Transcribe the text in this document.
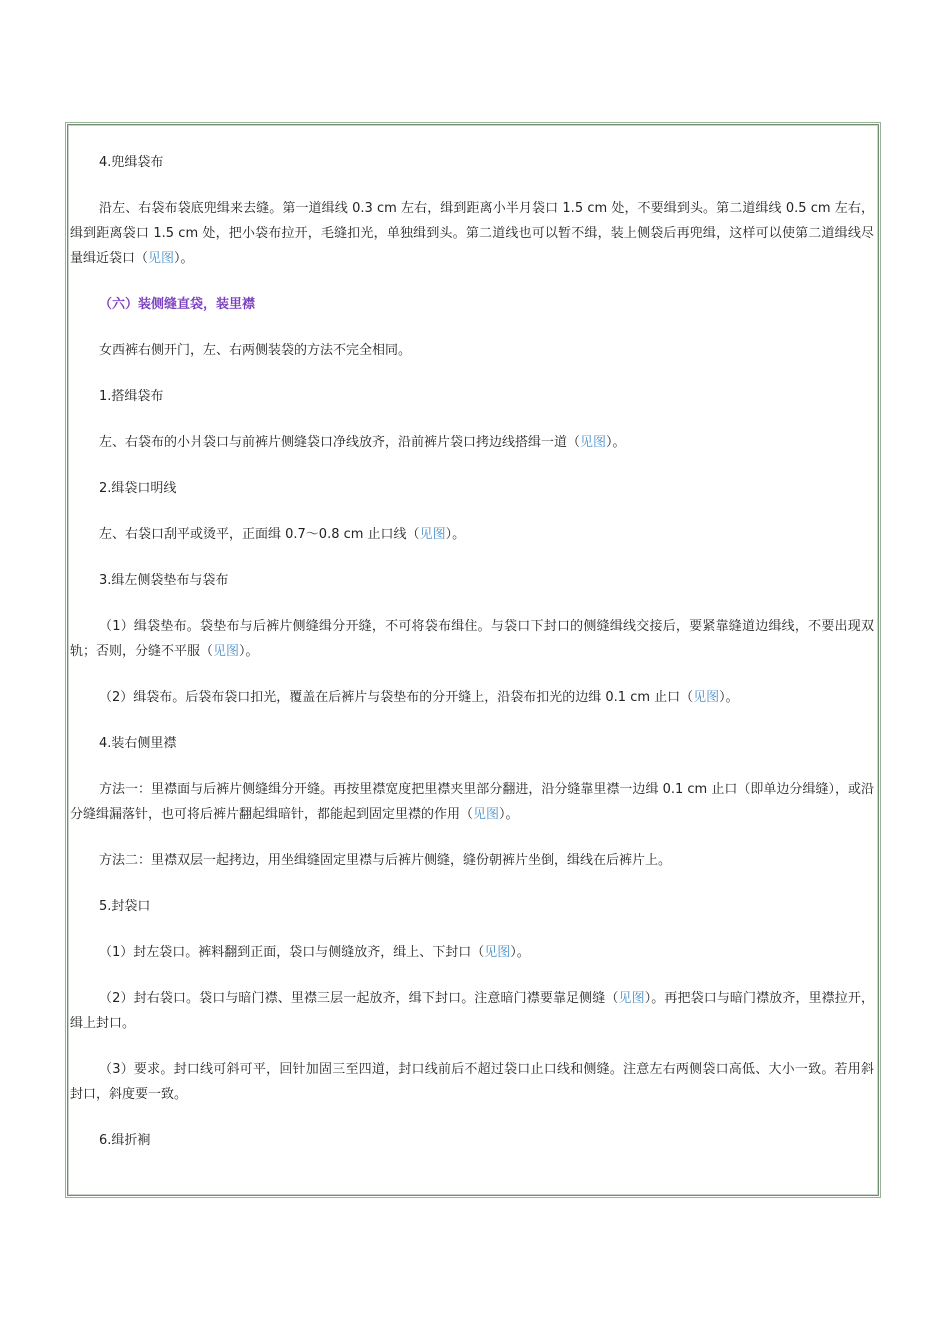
4.兜缉袋布

沿左、右袋布袋底兜缉来去缝。第一道缉线 0.3 cm 左右，缉到距离小半月袋口 1.5 cm 处，不要缉到头。第二道缉线 0.5 cm 左右，缉到距离袋口 1.5 cm 处，把小袋布拉开，毛缝扣光，单独缉到头。第二道线也可以暂不缉，装上侧袋后再兜缉，这样可以使第二道缉线尽量缉近袋口（见图）。

（六）装侧缝直袋，装里襟

女西裤右侧开门，左、右两侧装袋的方法不完全相同。

1.搭缉袋布

左、右袋布的小爿袋口与前裤片侧缝袋口净线放齐，沿前裤片袋口拷边线搭缉一道（见图）。

2.缉袋口明线

左、右袋口刮平或烫平，正面缉 0.7～0.8 cm 止口线（见图）。

3.缉左侧袋垫布与袋布

（1）缉袋垫布。袋垫布与后裤片侧缝缉分开缝，不可将袋布缉住。与袋口下封口的侧缝缉线交接后，要紧靠缝道边缉线，不要出现双轨；否则，分缝不平服（见图）。

（2）缉袋布。后袋布袋口扣光，覆盖在后裤片与袋垫布的分开缝上，沿袋布扣光的边缉 0.1 cm 止口（见图）。

4.装右侧里襟

方法一：里襟面与后裤片侧缝缉分开缝。再按里襟宽度把里襟夹里部分翻进，沿分缝靠里襟一边缉 0.1 cm 止口（即单边分缉缝），或沿分缝缉漏落针，也可将后裤片翻起缉暗针，都能起到固定里襟的作用（见图）。

方法二：里襟双层一起拷边，用坐缉缝固定里襟与后裤片侧缝，缝份朝裤片坐倒，缉线在后裤片上。

5.封袋口

（1）封左袋口。裤料翻到正面，袋口与侧缝放齐，缉上、下封口（见图）。

（2）封右袋口。袋口与暗门襟、里襟三层一起放齐，缉下封口。注意暗门襟要靠足侧缝（见图）。再把袋口与暗门襟放齐，里襟拉开，缉上封口。

（3）要求。封口线可斜可平，回针加固三至四道，封口线前后不超过袋口止口线和侧缝。注意左右两侧袋口高低、大小一致。若用斜封口，斜度要一致。

6.缉折裥
